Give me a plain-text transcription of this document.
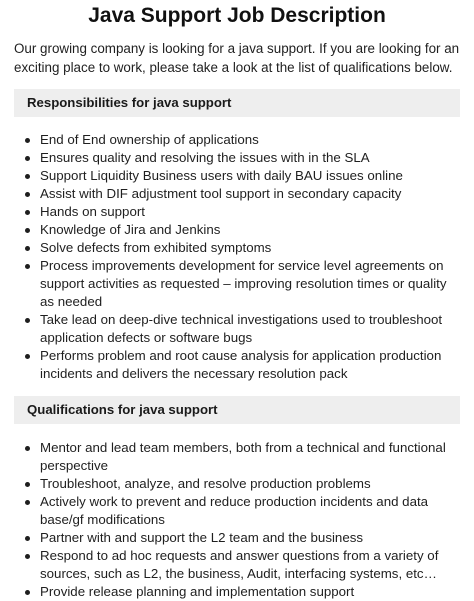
Java Support Job Description

Our growing company is looking for a java support. If you are looking for an exciting place to work, please take a look at the list of qualifications below.

Responsibilities for java support
End of End ownership of applications
Ensures quality and resolving the issues with in the SLA
Support Liquidity Business users with daily BAU issues online
Assist with DIF adjustment tool support in secondary capacity
Hands on support
Knowledge of Jira and Jenkins
Solve defects from exhibited symptoms
Process improvements development for service level agreements on support activities as requested – improving resolution times or quality as needed
Take lead on deep-dive technical investigations used to troubleshoot application defects or software bugs
Performs problem and root cause analysis for application production incidents and delivers the necessary resolution pack
Qualifications for java support
Mentor and lead team members, both from a technical and functional perspective
Troubleshoot, analyze, and resolve production problems
Actively work to prevent and reduce production incidents and data base/gf modifications
Partner with and support the L2 team and the business
Respond to ad hoc requests and answer questions from a variety of sources, such as L2, the business, Audit, interfacing systems, etc…
Provide release planning and implementation support
